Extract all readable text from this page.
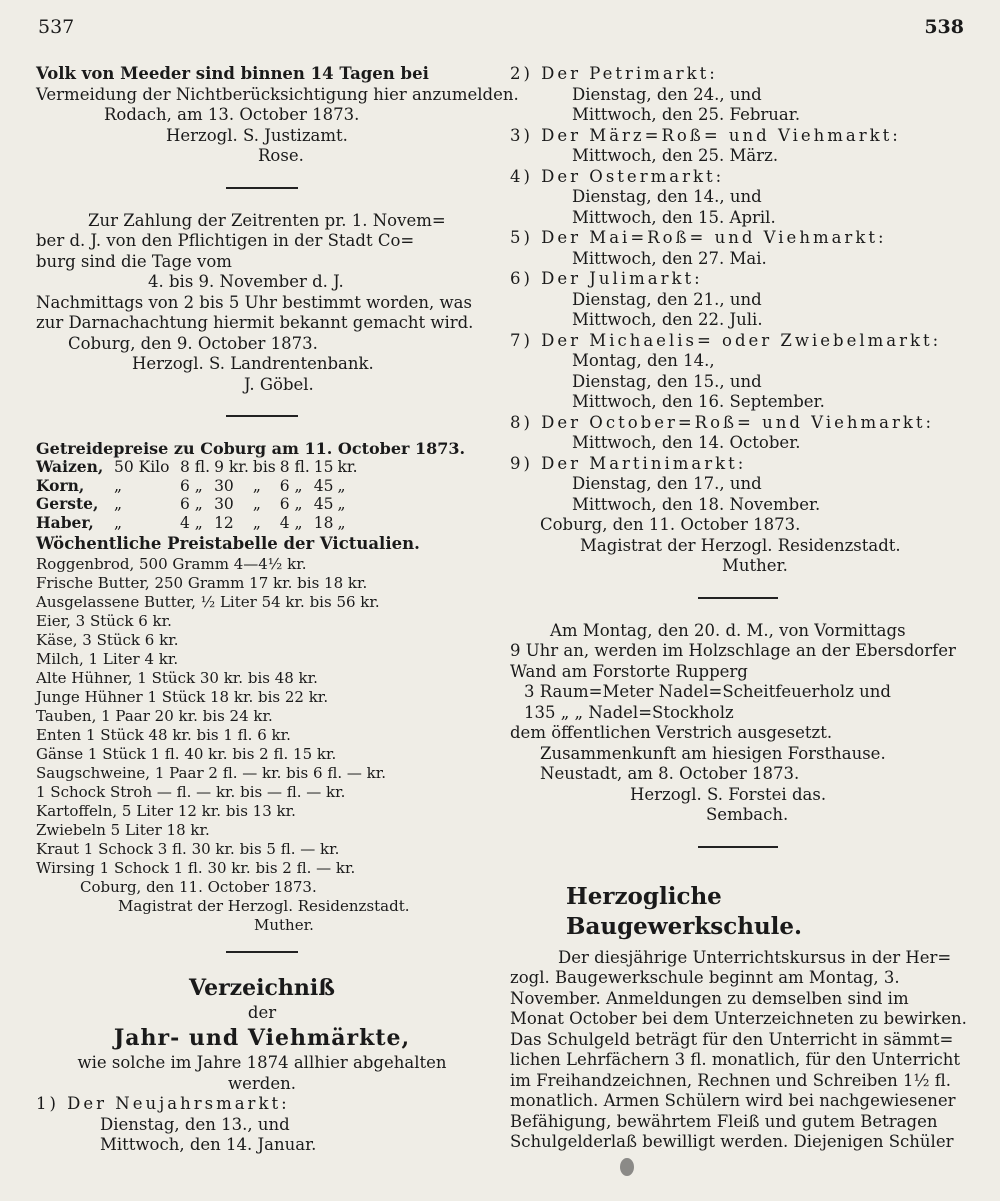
537	538
Volk von Meeder sind binnen 14 Tagen bei
Vermeidung der Nichtberücksichtigung hier anzumelden.
Rodach, am 13. October 1873.
Herzogl. S. Justizamt.
Rose.
Zur Zahlung der Zeitrenten pr. 1. Novem=
ber d. J. von den Pflichtigen in der Stadt Co=
burg sind die Tage vom
4. bis 9. November d. J.
Nachmittags von 2 bis 5 Uhr bestimmt worden, was
zur Darnachachtung hiermit bekannt gemacht wird.
Coburg, den 9. October 1873.
Herzogl. S. Landrentenbank.
J. Göbel.
Getreidepreise zu Coburg am 11. October 1873.
Waizen,	50 Kilo	8 fl.	9 kr.	bis	8 fl.	15	kr.
Korn,	„	6 „	30	„	6 „	45	„
Gerste,	„	6 „	30	„	6 „	45	„
Haber,	„	4 „	12	„	4 „	18	„
Wöchentliche Preistabelle der Victualien.
Roggenbrod, 500 Gramm 4—4½ kr.
Frische Butter, 250 Gramm 17 kr. bis 18 kr.
Ausgelassene Butter, ½ Liter 54 kr. bis 56 kr.
Eier, 3 Stück 6 kr.
Käse, 3 Stück 6 kr.
Milch, 1 Liter 4 kr.
Alte Hühner, 1 Stück 30 kr. bis 48 kr.
Junge Hühner 1 Stück 18 kr. bis 22 kr.
Tauben, 1 Paar 20 kr. bis 24 kr.
Enten 1 Stück 48 kr. bis 1 fl. 6 kr.
Gänse 1 Stück 1 fl. 40 kr. bis 2 fl. 15 kr.
Saugschweine, 1 Paar 2 fl. — kr. bis 6 fl. — kr.
1 Schock Stroh — fl. — kr. bis — fl. — kr.
Kartoffeln, 5 Liter 12 kr. bis 13 kr.
Zwiebeln 5 Liter 18 kr.
Kraut 1 Schock 3 fl. 30 kr. bis 5 fl. — kr.
Wirsing 1 Schock 1 fl. 30 kr. bis 2 fl. — kr.
Coburg, den 11. October 1873.
Magistrat der Herzogl. Residenzstadt.
Muther.
Verzeichniß
der
Jahr- und Viehmärkte,
wie solche im Jahre 1874 allhier abgehalten
werden.
1) Der Neujahrsmarkt:
Dienstag, den 13., und
Mittwoch, den 14. Januar.
2) Der Petrimarkt:
Dienstag, den 24., und
Mittwoch, den 25. Februar.
3) Der März=Roß= und Viehmarkt:
Mittwoch, den 25. März.
4) Der Ostermarkt:
Dienstag, den 14., und
Mittwoch, den 15. April.
5) Der Mai=Roß= und Viehmarkt:
Mittwoch, den 27. Mai.
6) Der Julimarkt:
Dienstag, den 21., und
Mittwoch, den 22. Juli.
7) Der Michaelis= oder Zwiebelmarkt:
Montag, den 14.,
Dienstag, den 15., und
Mittwoch, den 16. September.
8) Der October=Roß= und Viehmarkt:
Mittwoch, den 14. October.
9) Der Martinimarkt:
Dienstag, den 17., und
Mittwoch, den 18. November.
Coburg, den 11. October 1873.
Magistrat der Herzogl. Residenzstadt.
Muther.
Am Montag, den 20. d. M., von Vormittags
9 Uhr an, werden im Holzschlage an der Ebersdorfer
Wand am Forstorte Rupperg
3 Raum=Meter Nadel=Scheitfeuerholz und
135 „ „ Nadel=Stockholz
dem öffentlichen Verstrich ausgesetzt.
Zusammenkunft am hiesigen Forsthause.
Neustadt, am 8. October 1873.
Herzogl. S. Forstei das.
Sembach.
Herzogliche Baugewerkschule.
Der diesjährige Unterrichtskursus in der Her=
zogl. Baugewerkschule beginnt am Montag, 3.
November. Anmeldungen zu demselben sind im
Monat October bei dem Unterzeichneten zu bewirken.
Das Schulgeld beträgt für den Unterricht in sämmt=
lichen Lehrfächern 3 fl. monatlich, für den Unterricht
im Freihandzeichnen, Rechnen und Schreiben 1½ fl.
monatlich. Armen Schülern wird bei nachgewiesener
Befähigung, bewährtem Fleiß und gutem Betragen
Schulgelderlaß bewilligt werden. Diejenigen Schüler
